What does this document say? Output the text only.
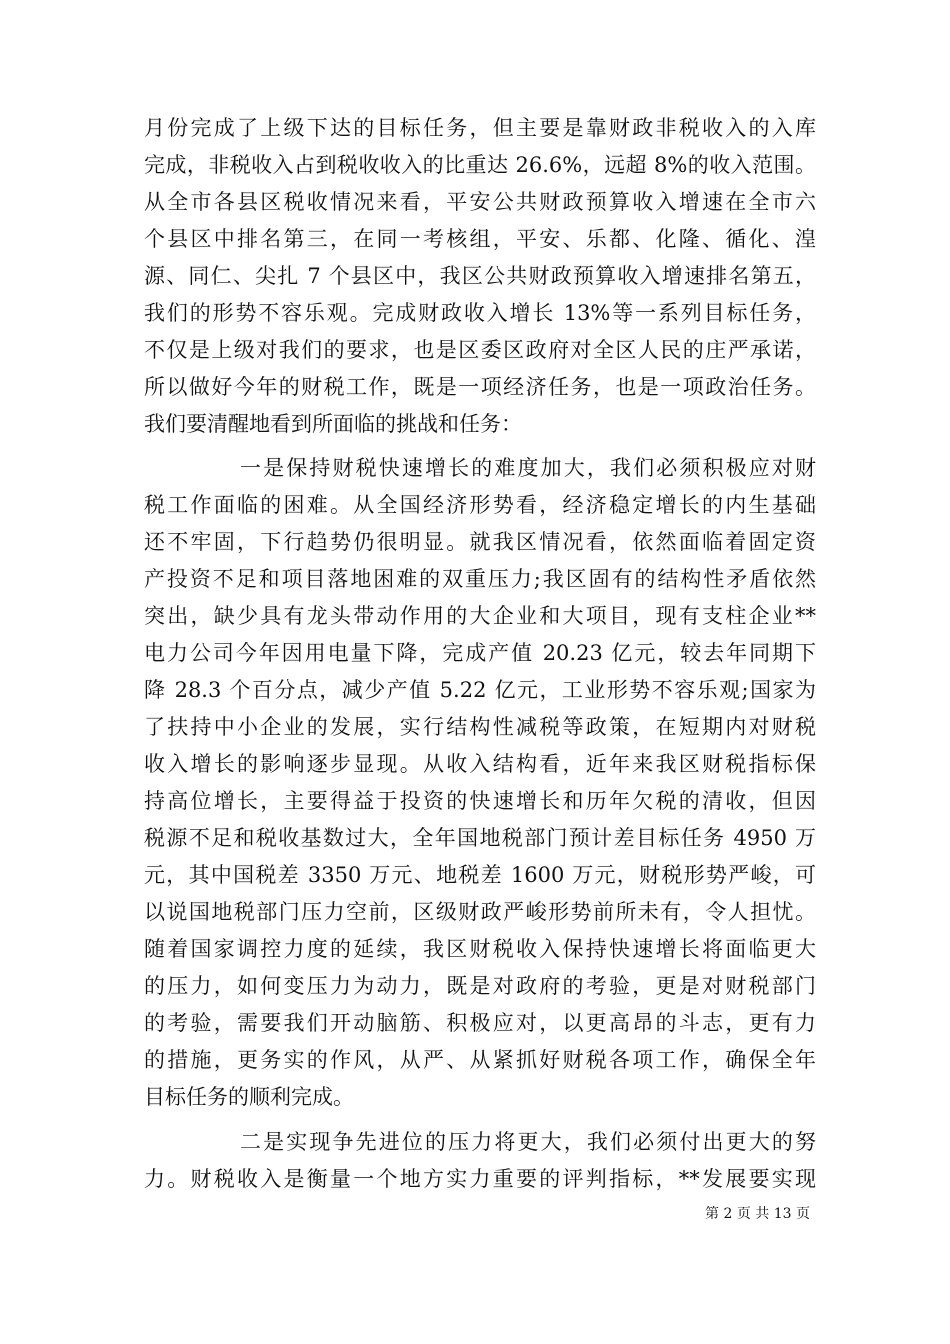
月份完成了上级下达的目标任务，但主要是靠财政非税收入的入库
完成，非税收入占到税收收入的比重达 26.6%，远超 8%的收入范围。
从全市各县区税收情况来看，平安公共财政预算收入增速在全市六
个县区中排名第三，在同一考核组，平安、乐都、化隆、循化、湟
源、同仁、尖扎 7 个县区中，我区公共财政预算收入增速排名第五，
我们的形势不容乐观。完成财政收入增长 13%等一系列目标任务，
不仅是上级对我们的要求，也是区委区政府对全区人民的庄严承诺，
所以做好今年的财税工作，既是一项经济任务，也是一项政治任务。
我们要清醒地看到所面临的挑战和任务：
一是保持财税快速增长的难度加大，我们必须积极应对财
税工作面临的困难。从全国经济形势看，经济稳定增长的内生基础
还不牢固，下行趋势仍很明显。就我区情况看，依然面临着固定资
产投资不足和项目落地困难的双重压力;我区固有的结构性矛盾依然
突出，缺少具有龙头带动作用的大企业和大项目，现有支柱企业**
电力公司今年因用电量下降，完成产值 20.23 亿元，较去年同期下
降 28.3 个百分点，减少产值 5.22 亿元，工业形势不容乐观;国家为
了扶持中小企业的发展，实行结构性减税等政策，在短期内对财税
收入增长的影响逐步显现。从收入结构看，近年来我区财税指标保
持高位增长，主要得益于投资的快速增长和历年欠税的清收，但因
税源不足和税收基数过大，全年国地税部门预计差目标任务 4950 万
元，其中国税差 3350 万元、地税差 1600 万元，财税形势严峻，可
以说国地税部门压力空前，区级财政严峻形势前所未有，令人担忧。
随着国家调控力度的延续，我区财税收入保持快速增长将面临更大
的压力，如何变压力为动力，既是对政府的考验，更是对财税部门
的考验，需要我们开动脑筋、积极应对，以更高昂的斗志，更有力
的措施，更务实的作风，从严、从紧抓好财税各项工作，确保全年
目标任务的顺利完成。
二是实现争先进位的压力将更大，我们必须付出更大的努
力。财税收入是衡量一个地方实力重要的评判指标，**发展要实现
第 2 页 共 13 页
